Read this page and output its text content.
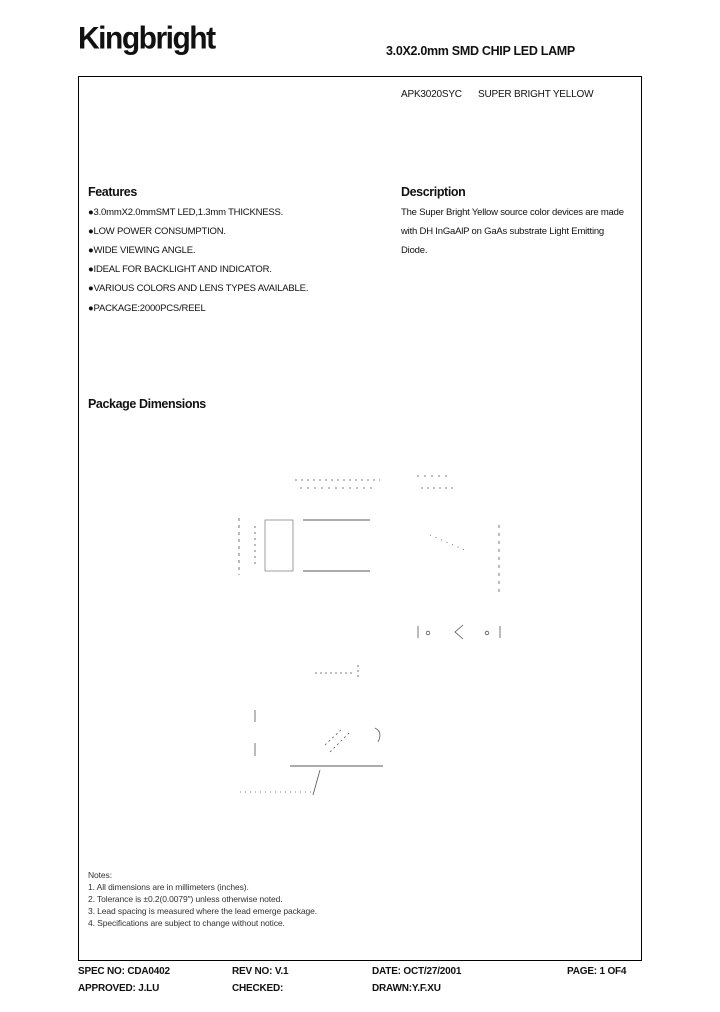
Kingbright	3.0X2.0mm SMD CHIP LED LAMP
APK3020SYC SUPER BRIGHT YELLOW
Features
●3.0mmX2.0mmSMT LED,1.3mm THICKNESS.
●LOW POWER CONSUMPTION.
●WIDE VIEWING ANGLE.
●IDEAL FOR BACKLIGHT AND INDICATOR.
●VARIOUS COLORS AND LENS TYPES AVAILABLE.
●PACKAGE:2000PCS/REEL
Description
The Super Bright Yellow source color devices are made
with DH InGaAlP on GaAs substrate Light Emitting
Diode.
Package Dimensions
Notes:
1. All dimensions are in millimeters (inches).
2. Tolerance is ±0.2(0.0079") unless otherwise noted.
3. Lead spacing is measured where the lead emerge package.
4. Specifications are subject to change without notice.
SPEC NO: CDA0402	REV NO: V.1	DATE: OCT/27/2001	PAGE: 1 OF4
APPROVED: J.LU	CHECKED:	DRAWN:Y.F.XU
